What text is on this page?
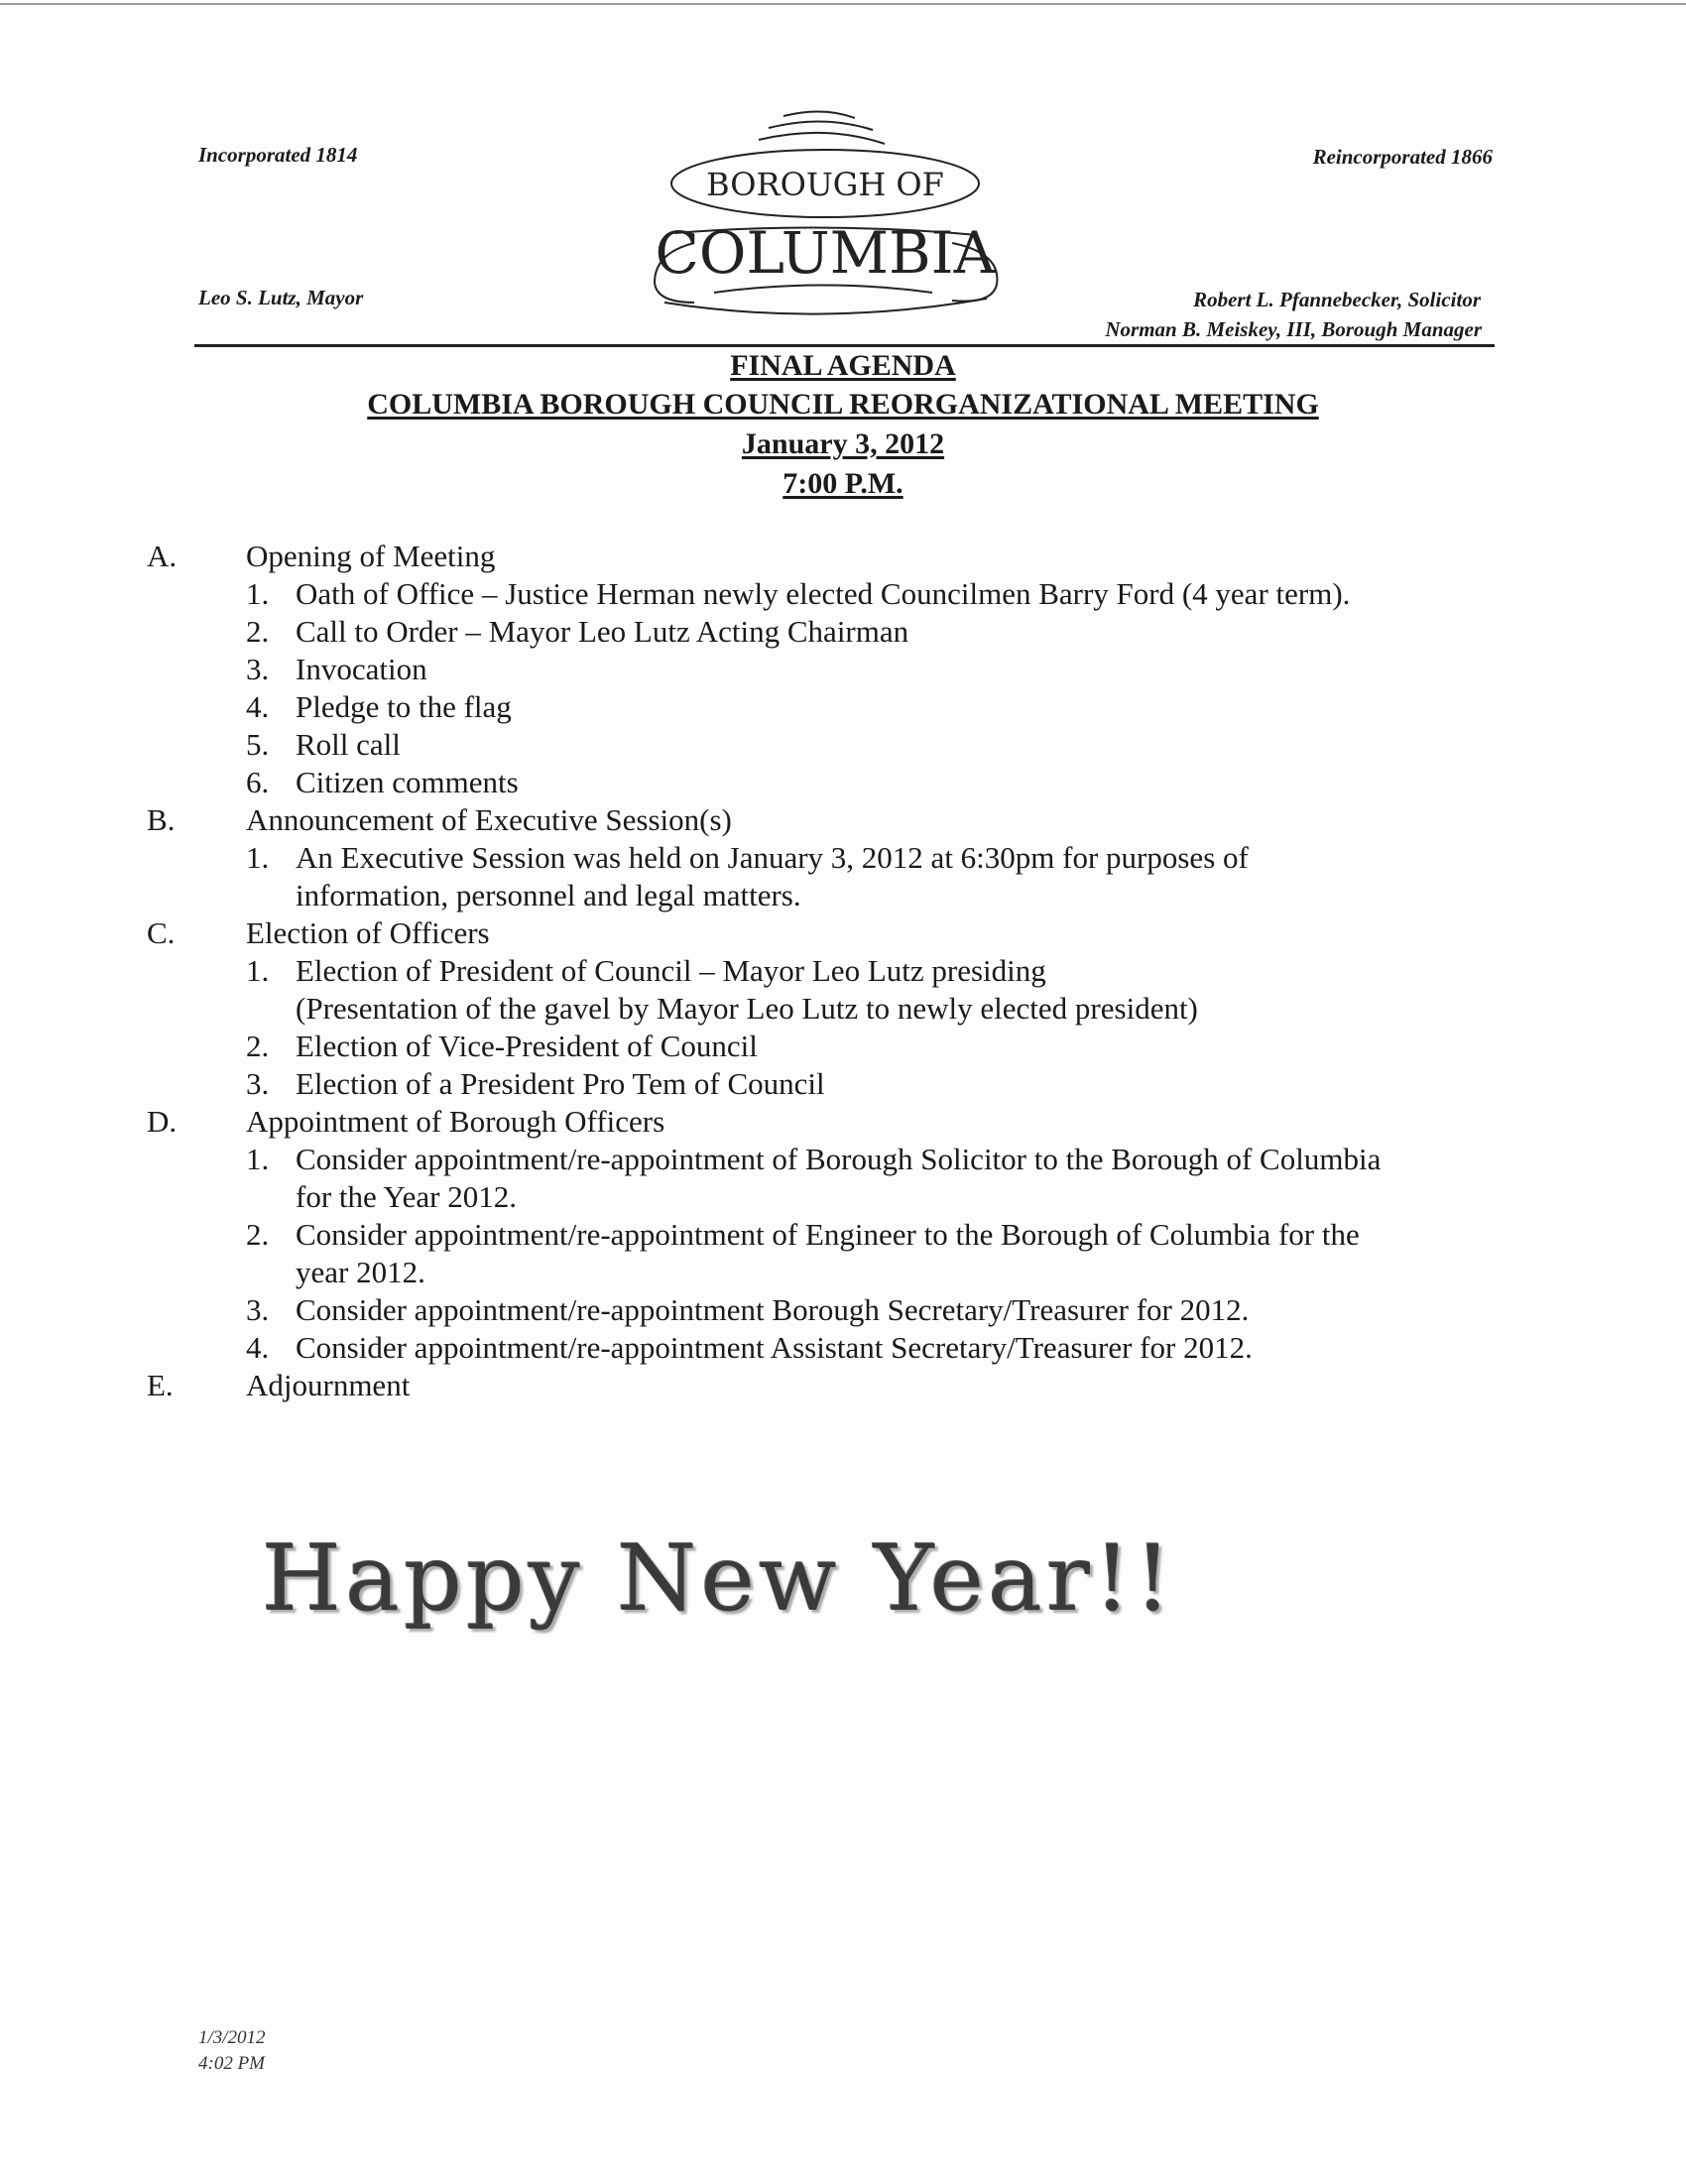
Incorporated 1814	Reincorporated 1866
Leo S. Lutz, Mayor	Robert L. Pfannebecker, Solicitor
Norman B. Meiskey, III, Borough Manager
BOROUGH OF
COLUMBIA
FINAL AGENDA
COLUMBIA BOROUGH COUNCIL REORGANIZATIONAL MEETING
January 3, 2012
7:00 P.M.
A. Opening of Meeting
1. Oath of Office – Justice Herman newly elected Councilmen Barry Ford (4 year term).
2. Call to Order – Mayor Leo Lutz Acting Chairman
3. Invocation
4. Pledge to the flag
5. Roll call
6. Citizen comments
B. Announcement of Executive Session(s)
1. An Executive Session was held on January 3, 2012 at 6:30pm for purposes of
information, personnel and legal matters.
C. Election of Officers
1. Election of President of Council – Mayor Leo Lutz presiding
(Presentation of the gavel by Mayor Leo Lutz to newly elected president)
2. Election of Vice-President of Council
3. Election of a President Pro Tem of Council
D. Appointment of Borough Officers
1. Consider appointment/re-appointment of Borough Solicitor to the Borough of Columbia
for the Year 2012.
2. Consider appointment/re-appointment of Engineer to the Borough of Columbia for the
year 2012.
3. Consider appointment/re-appointment Borough Secretary/Treasurer for 2012.
4. Consider appointment/re-appointment Assistant Secretary/Treasurer for 2012.
E. Adjournment
Happy New Year!!
1/3/2012
4:02 PM
